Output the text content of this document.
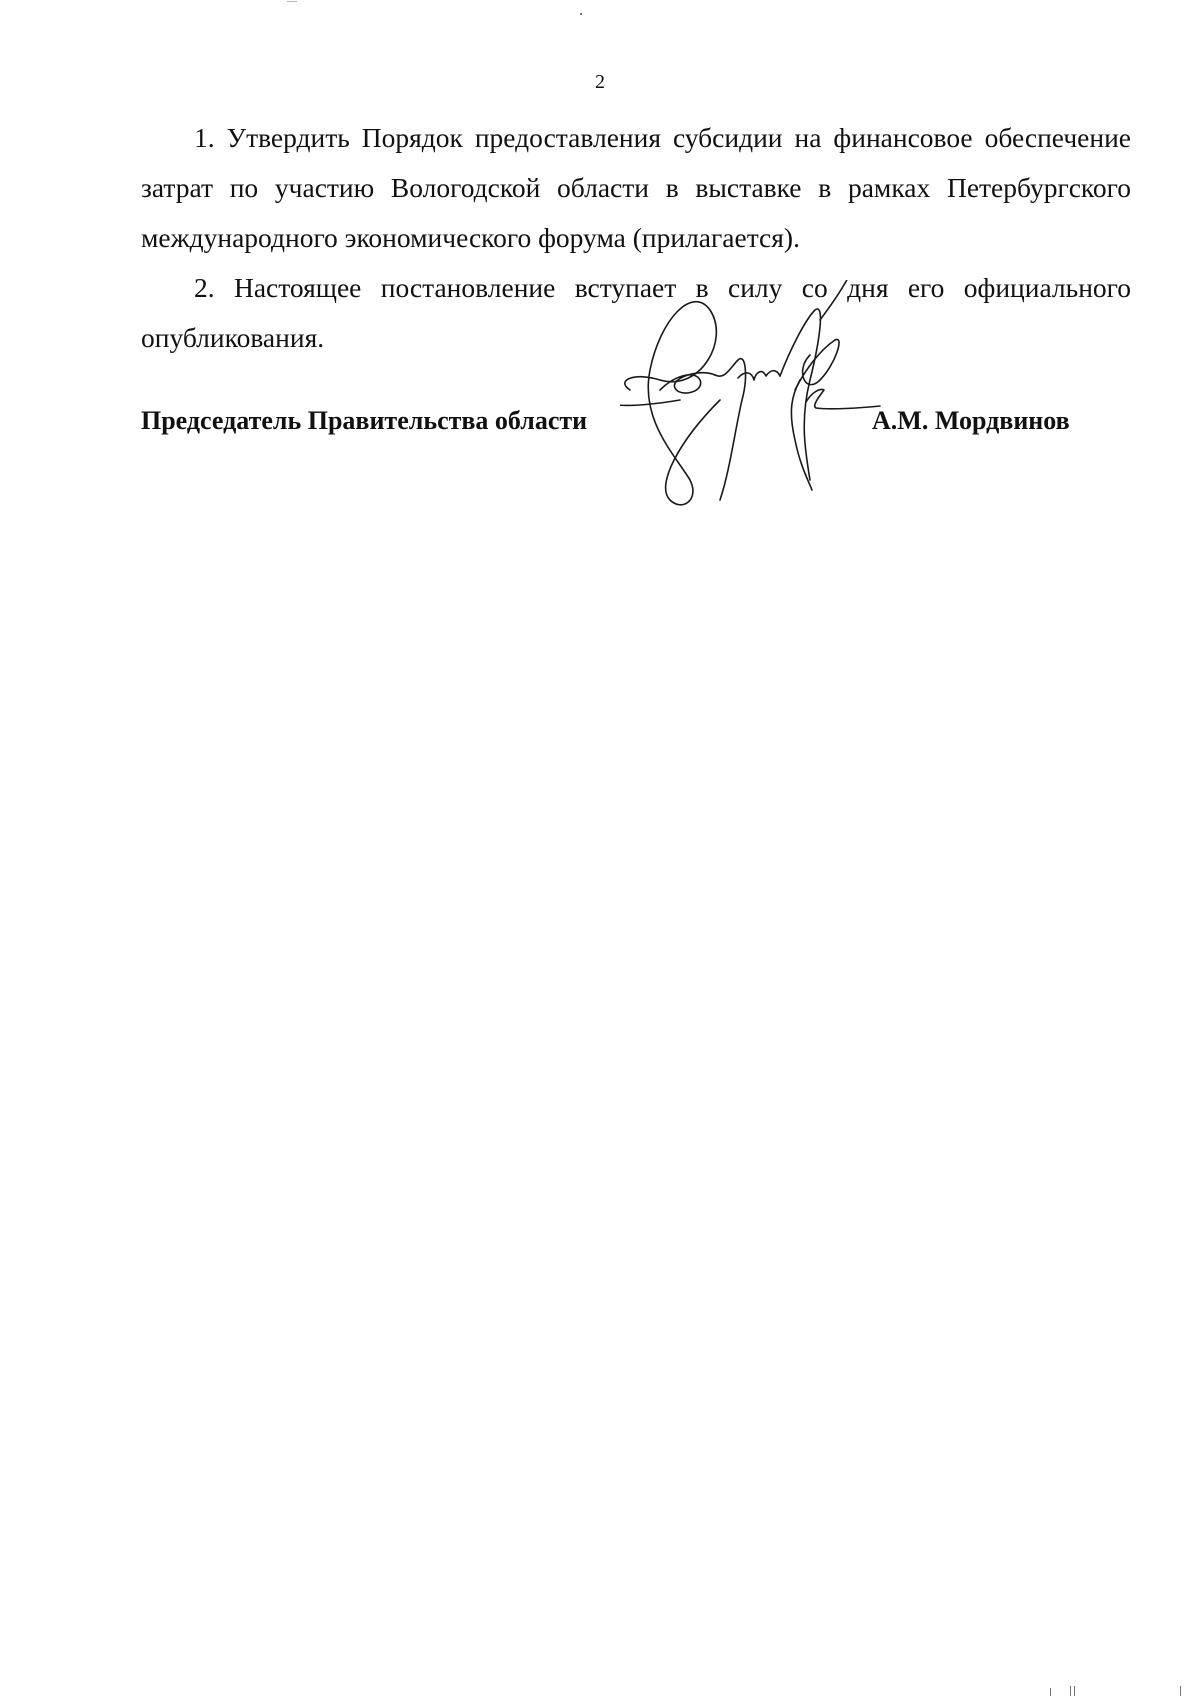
2

1. Утвердить Порядок предоставления субсидии на финансовое обеспечение затрат по участию Вологодской области в выставке в рамках Петербургского международного экономического форума (прилагается).

2. Настоящее постановление вступает в силу со дня его официального опубликования.

Председатель Правительства области	А.М. Мордвинов
